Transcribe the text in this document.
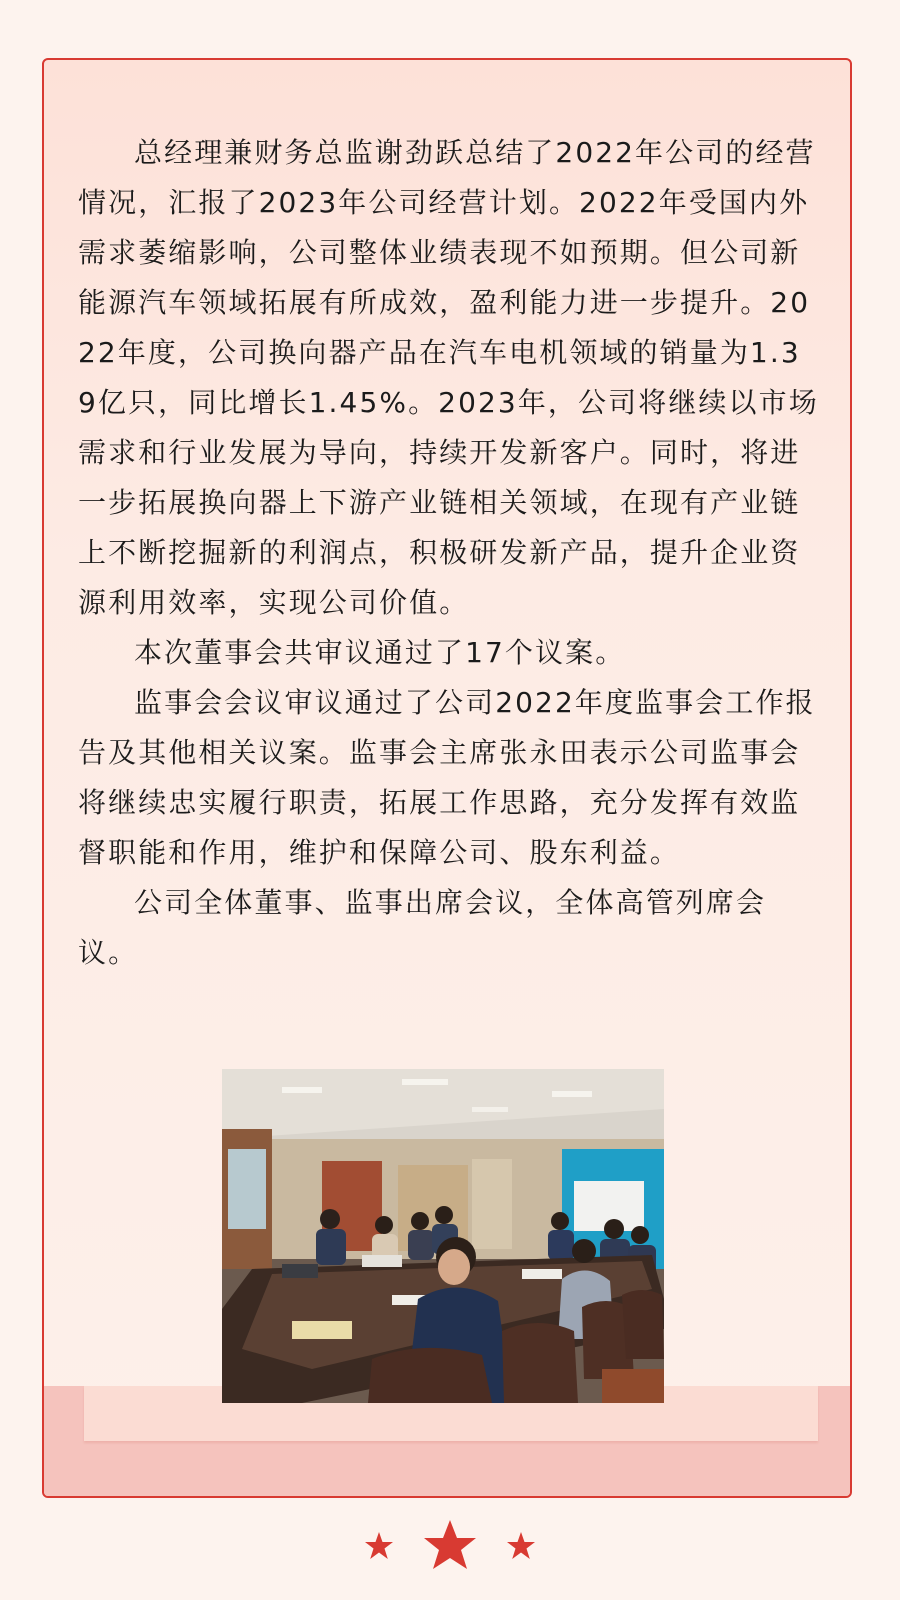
总经理兼财务总监谢劲跃总结了2022年公司的经营情况，汇报了2023年公司经营计划。2022年受国内外需求萎缩影响，公司整体业绩表现不如预期。但公司新能源汽车领域拓展有所成效，盈利能力进一步提升。2022年度，公司换向器产品在汽车电机领域的销量为1.39亿只，同比增长1.45%。2023年，公司将继续以市场需求和行业发展为导向，持续开发新客户。同时，将进一步拓展换向器上下游产业链相关领域，在现有产业链上不断挖掘新的利润点，积极研发新产品，提升企业资源利用效率，实现公司价值。

本次董事会共审议通过了17个议案。

监事会会议审议通过了公司2022年度监事会工作报告及其他相关议案。监事会主席张永田表示公司监事会将继续忠实履行职责，拓展工作思路，充分发挥有效监督职能和作用，维护和保障公司、股东利益。

公司全体董事、监事出席会议，全体高管列席会议。
